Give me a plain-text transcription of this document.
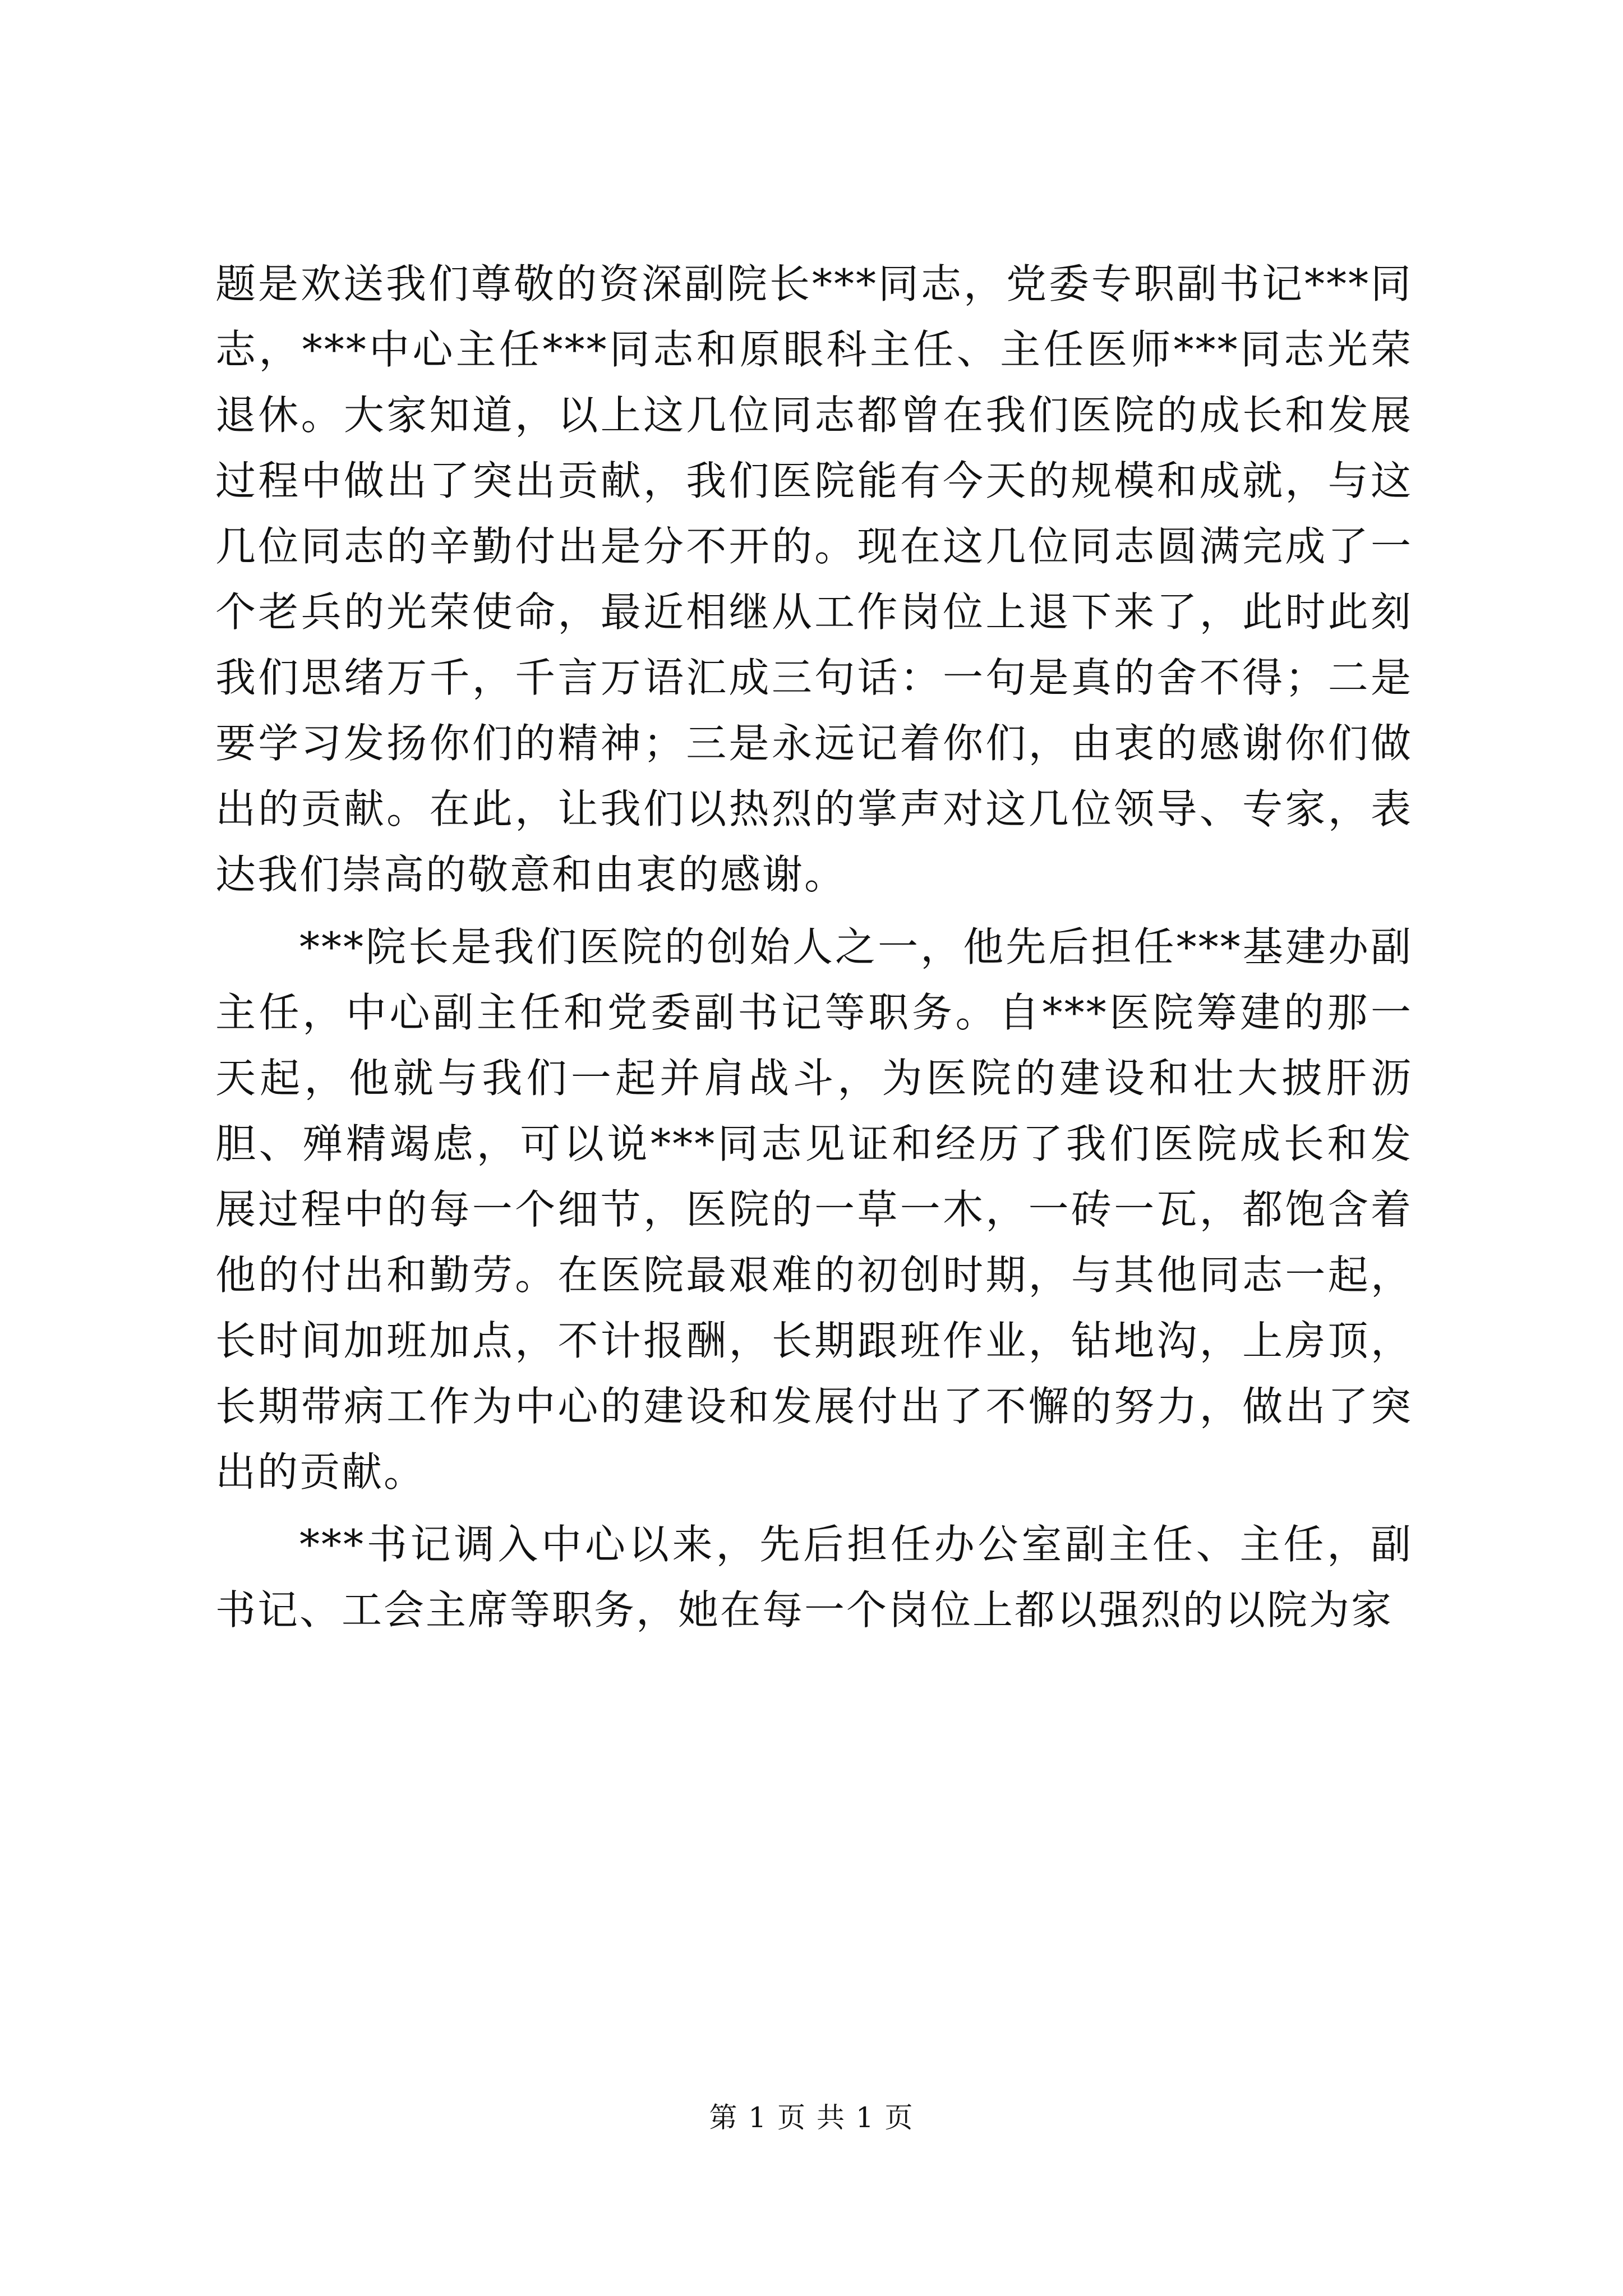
题是欢送我们尊敬的资深副院长***同志，党委专职副书记***同志，***中心主任***同志和原眼科主任、主任医师***同志光荣退休。大家知道，以上这几位同志都曾在我们医院的成长和发展过程中做出了突出贡献，我们医院能有今天的规模和成就，与这几位同志的辛勤付出是分不开的。现在这几位同志圆满完成了一个老兵的光荣使命，最近相继从工作岗位上退下来了，此时此刻我们思绪万千，千言万语汇成三句话：一句是真的舍不得；二是要学习发扬你们的精神；三是永远记着你们，由衷的感谢你们做出的贡献。在此，让我们以热烈的掌声对这几位领导、专家，表达我们崇高的敬意和由衷的感谢。

***院长是我们医院的创始人之一，他先后担任***基建办副主任，中心副主任和党委副书记等职务。自***医院筹建的那一天起，他就与我们一起并肩战斗，为医院的建设和壮大披肝沥胆、殚精竭虑，可以说***同志见证和经历了我们医院成长和发展过程中的每一个细节，医院的一草一木，一砖一瓦，都饱含着他的付出和勤劳。在医院最艰难的初创时期，与其他同志一起，长时间加班加点，不计报酬，长期跟班作业，钻地沟，上房顶，长期带病工作为中心的建设和发展付出了不懈的努力，做出了突出的贡献。

***书记调入中心以来，先后担任办公室副主任、主任，副书记、工会主席等职务，她在每一个岗位上都以强烈的以院为家

第 1 页 共 1 页
